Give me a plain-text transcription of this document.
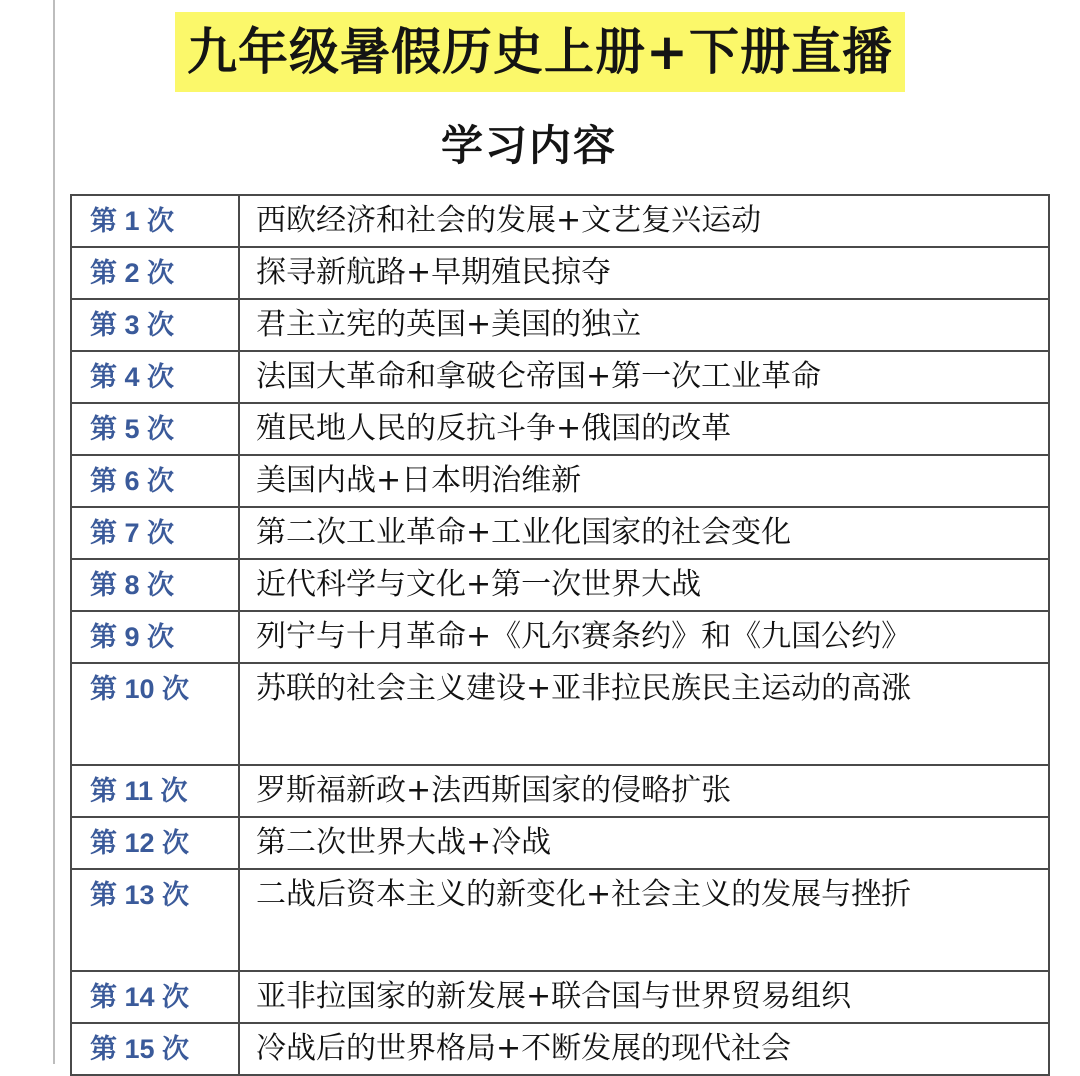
九年级暑假历史上册+下册直播
学习内容
第 1 次	西欧经济和社会的发展+文艺复兴运动
第 2 次	探寻新航路+早期殖民掠夺
第 3 次	君主立宪的英国+美国的独立
第 4 次	法国大革命和拿破仑帝国+第一次工业革命
第 5 次	殖民地人民的反抗斗争+俄国的改革
第 6 次	美国内战+日本明治维新
第 7 次	第二次工业革命+工业化国家的社会变化
第 8 次	近代科学与文化+第一次世界大战
第 9 次	列宁与十月革命+《凡尔赛条约》和《九国公约》
第 10 次	苏联的社会主义建设+亚非拉民族民主运动的高涨
第 11 次	罗斯福新政+法西斯国家的侵略扩张
第 12 次	第二次世界大战+冷战
第 13 次	二战后资本主义的新变化+社会主义的发展与挫折
第 14 次	亚非拉国家的新发展+联合国与世界贸易组织
第 15 次	冷战后的世界格局+不断发展的现代社会
